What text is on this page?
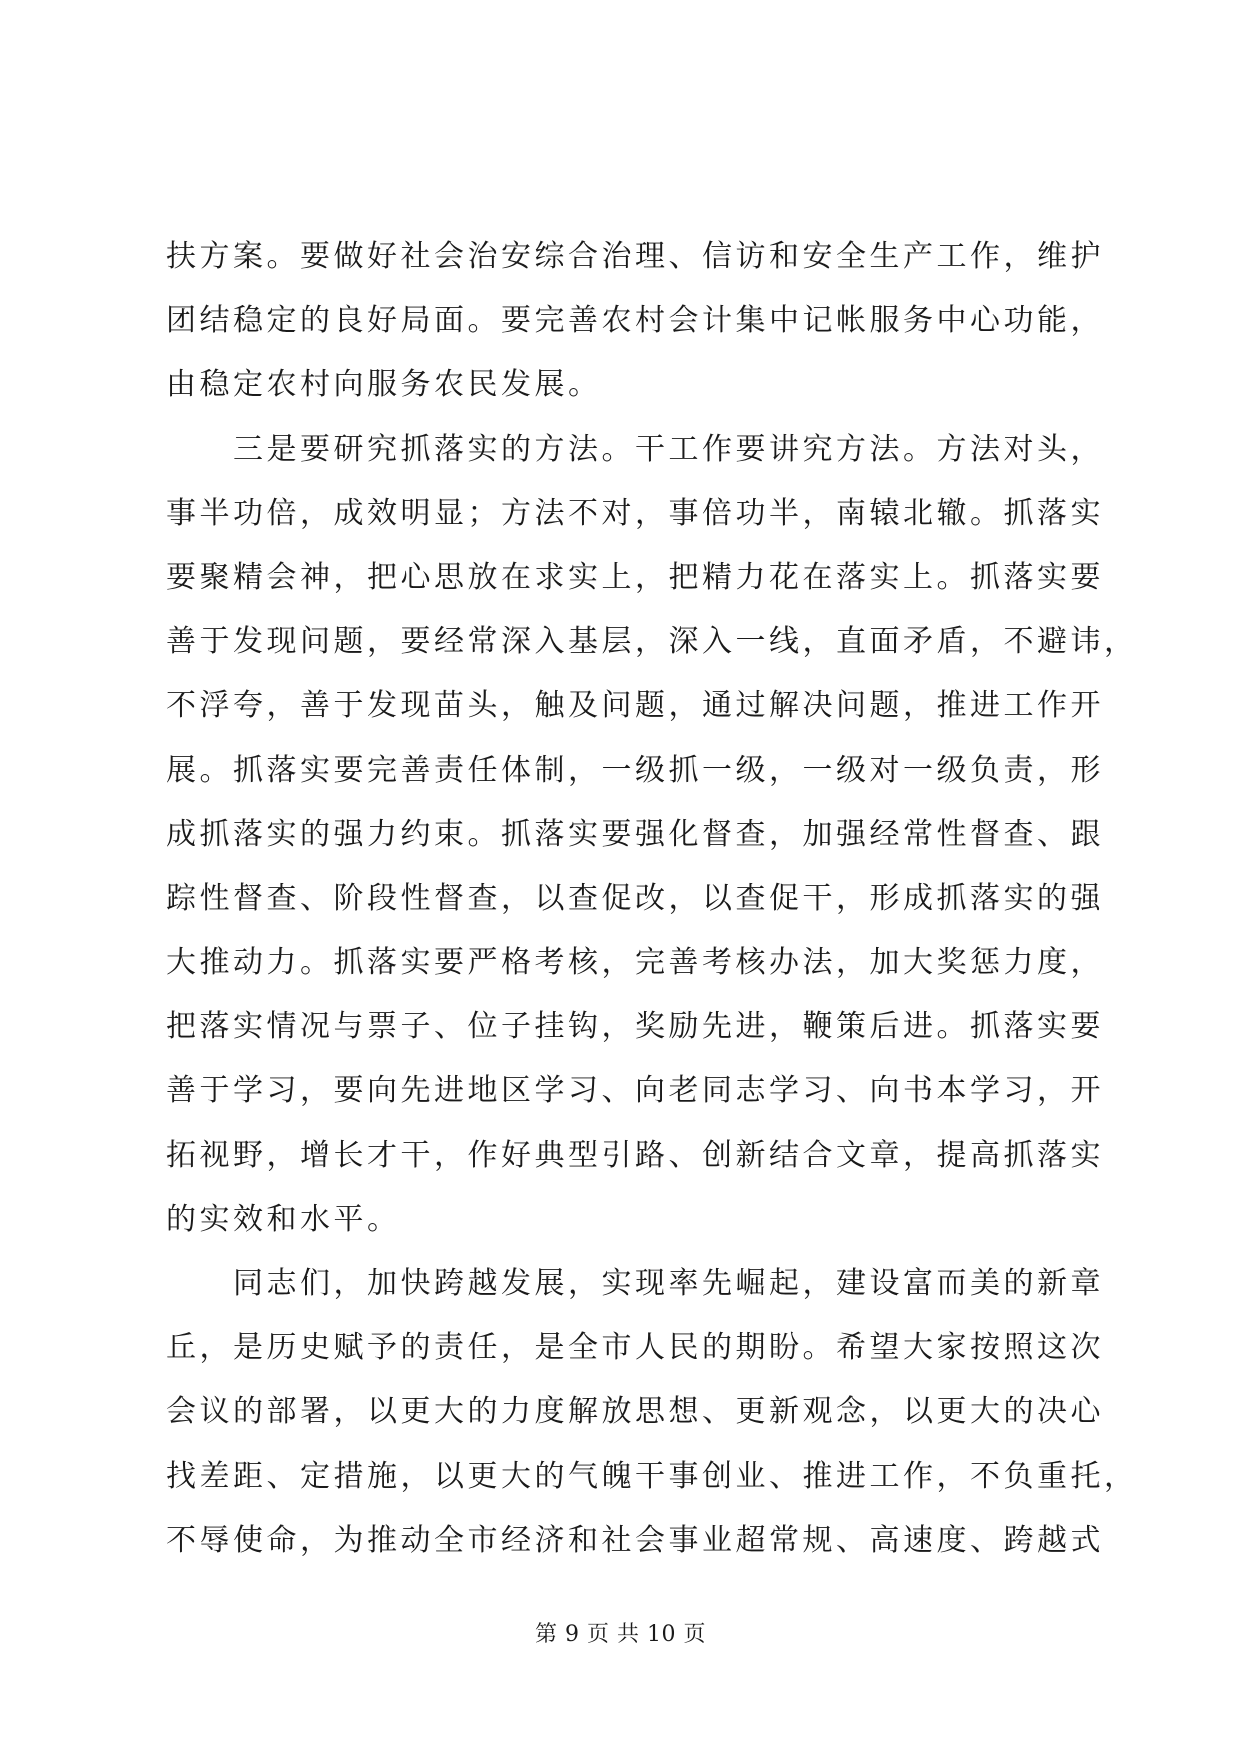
扶方案。要做好社会治安综合治理、信访和安全生产工作，维护
团结稳定的良好局面。要完善农村会计集中记帐服务中心功能，
由稳定农村向服务农民发展。
　　三是要研究抓落实的方法。干工作要讲究方法。方法对头，
事半功倍，成效明显；方法不对，事倍功半，南辕北辙。抓落实
要聚精会神，把心思放在求实上，把精力花在落实上。抓落实要
善于发现问题，要经常深入基层，深入一线，直面矛盾，不避讳，
不浮夸，善于发现苗头，触及问题，通过解决问题，推进工作开
展。抓落实要完善责任体制，一级抓一级，一级对一级负责，形
成抓落实的强力约束。抓落实要强化督查，加强经常性督查、跟
踪性督查、阶段性督查，以查促改，以查促干，形成抓落实的强
大推动力。抓落实要严格考核，完善考核办法，加大奖惩力度，
把落实情况与票子、位子挂钩，奖励先进，鞭策后进。抓落实要
善于学习，要向先进地区学习、向老同志学习、向书本学习，开
拓视野，增长才干，作好典型引路、创新结合文章，提高抓落实
的实效和水平。
　　同志们，加快跨越发展，实现率先崛起，建设富而美的新章
丘，是历史赋予的责任，是全市人民的期盼。希望大家按照这次
会议的部署，以更大的力度解放思想、更新观念，以更大的决心
找差距、定措施，以更大的气魄干事创业、推进工作，不负重托，
不辱使命，为推动全市经济和社会事业超常规、高速度、跨越式
第 9 页 共 10 页
